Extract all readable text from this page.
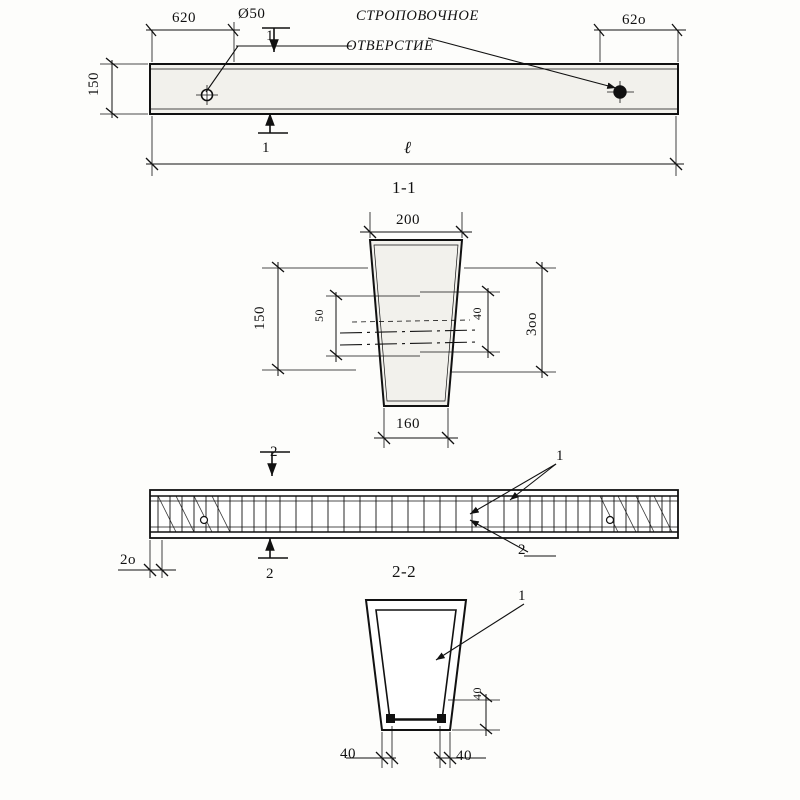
Ø50	СТРОПОВОЧНОЕ
ОТВЕРСТИЕ
620	62o
150
ℓ
1
1
1-1
200
150	50	40	3oo
160
2
2
1
2
2o
2-2
1
40
40	40
